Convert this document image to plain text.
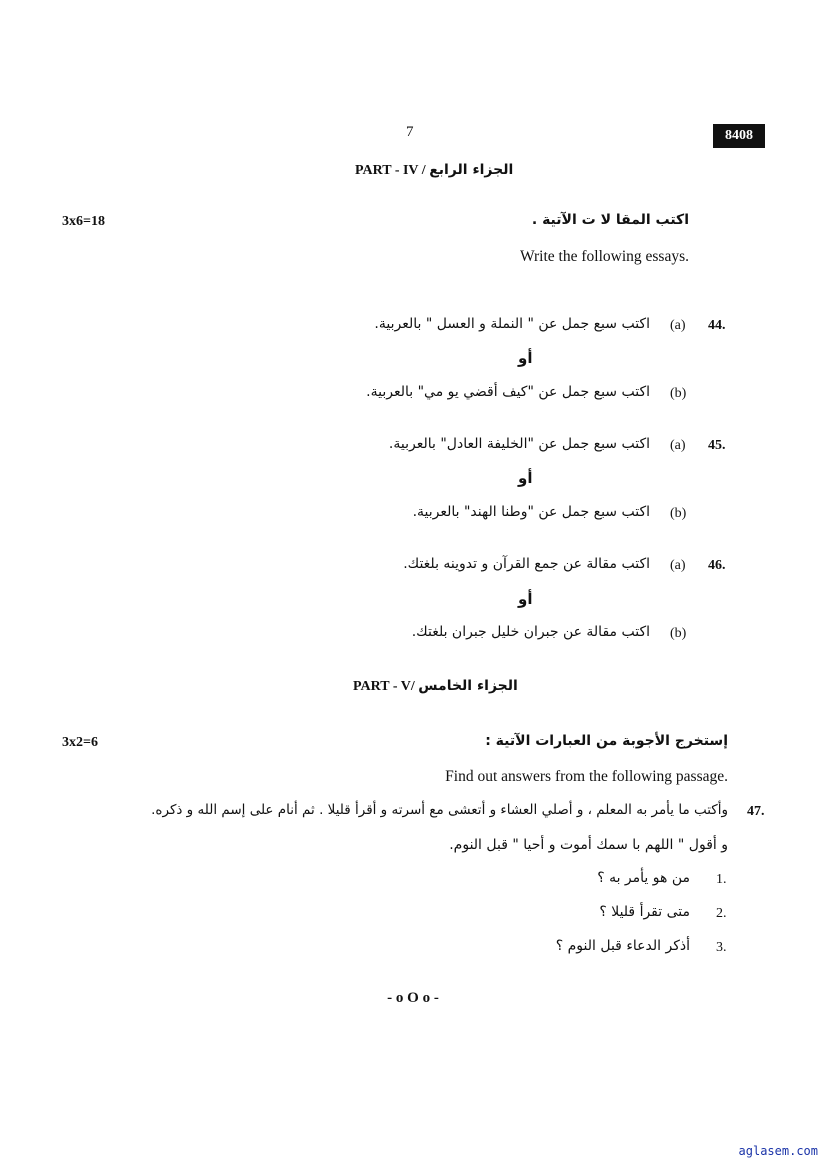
7	8408
PART - IV / الجزاء الرابع
3x6=18	اكتب المقا لا ت الآتية .
Write the following essays.
44.
(a)
اكتب سبع جمل عن " النملة و العسل " بالعربية.
أو
(b)
اكتب سبع جمل عن "كيف أقضي يو مي" بالعربية.
45.
(a)
اكتب سبع جمل عن "الخليفة العادل" بالعربية.
أو
(b)
اكتب سبع جمل عن "وطنا الهند" بالعربية.
46.
(a)
اكتب مقالة عن جمع القرآن و تدوينه بلغتك.
أو
(b)
اكتب مقالة عن جبران خليل جبران بلغتك.
PART - V/ الجزاء الخامس
3x2=6	إستخرج الأجوبة من العبارات الآتية :
Find out answers from the following passage.
47.
وأكتب ما يأمر به المعلم ، و أصلي العشاء و أتعشى مع أسرته و أقرأ قليلا . ثم أنام على إسم الله و ذكره.
و أقول " اللهم با سمك أموت و أحيا " قبل النوم.
1.
من هو يأمر به ؟
2.
متى تقرأ قليلا ؟
3.
أذكر الدعاء قبل النوم ؟
- o O o -
aglasem.com
